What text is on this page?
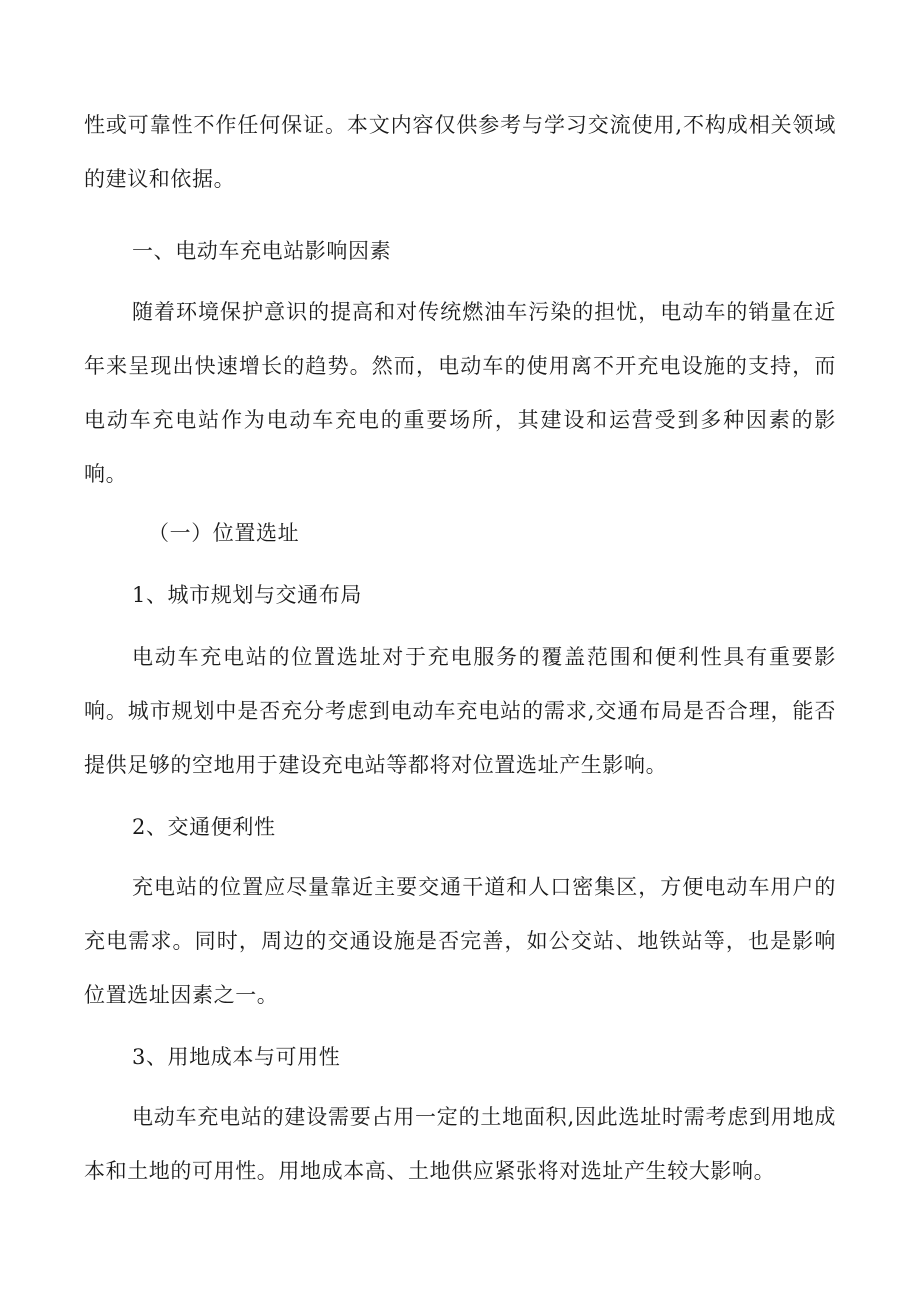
性或可靠性不作任何保证。本文内容仅供参考与学习交流使用,不构成相关领域的建议和依据。
一、电动车充电站影响因素
随着环境保护意识的提高和对传统燃油车污染的担忧，电动车的销量在近年来呈现出快速增长的趋势。然而，电动车的使用离不开充电设施的支持，而电动车充电站作为电动车充电的重要场所，其建设和运营受到多种因素的影响。
（一）位置选址
1、城市规划与交通布局
电动车充电站的位置选址对于充电服务的覆盖范围和便利性具有重要影响。城市规划中是否充分考虑到电动车充电站的需求,交通布局是否合理，能否提供足够的空地用于建设充电站等都将对位置选址产生影响。
2、交通便利性
充电站的位置应尽量靠近主要交通干道和人口密集区，方便电动车用户的充电需求。同时，周边的交通设施是否完善，如公交站、地铁站等，也是影响位置选址因素之一。
3、用地成本与可用性
电动车充电站的建设需要占用一定的土地面积,因此选址时需考虑到用地成本和土地的可用性。用地成本高、土地供应紧张将对选址产生较大影响。
